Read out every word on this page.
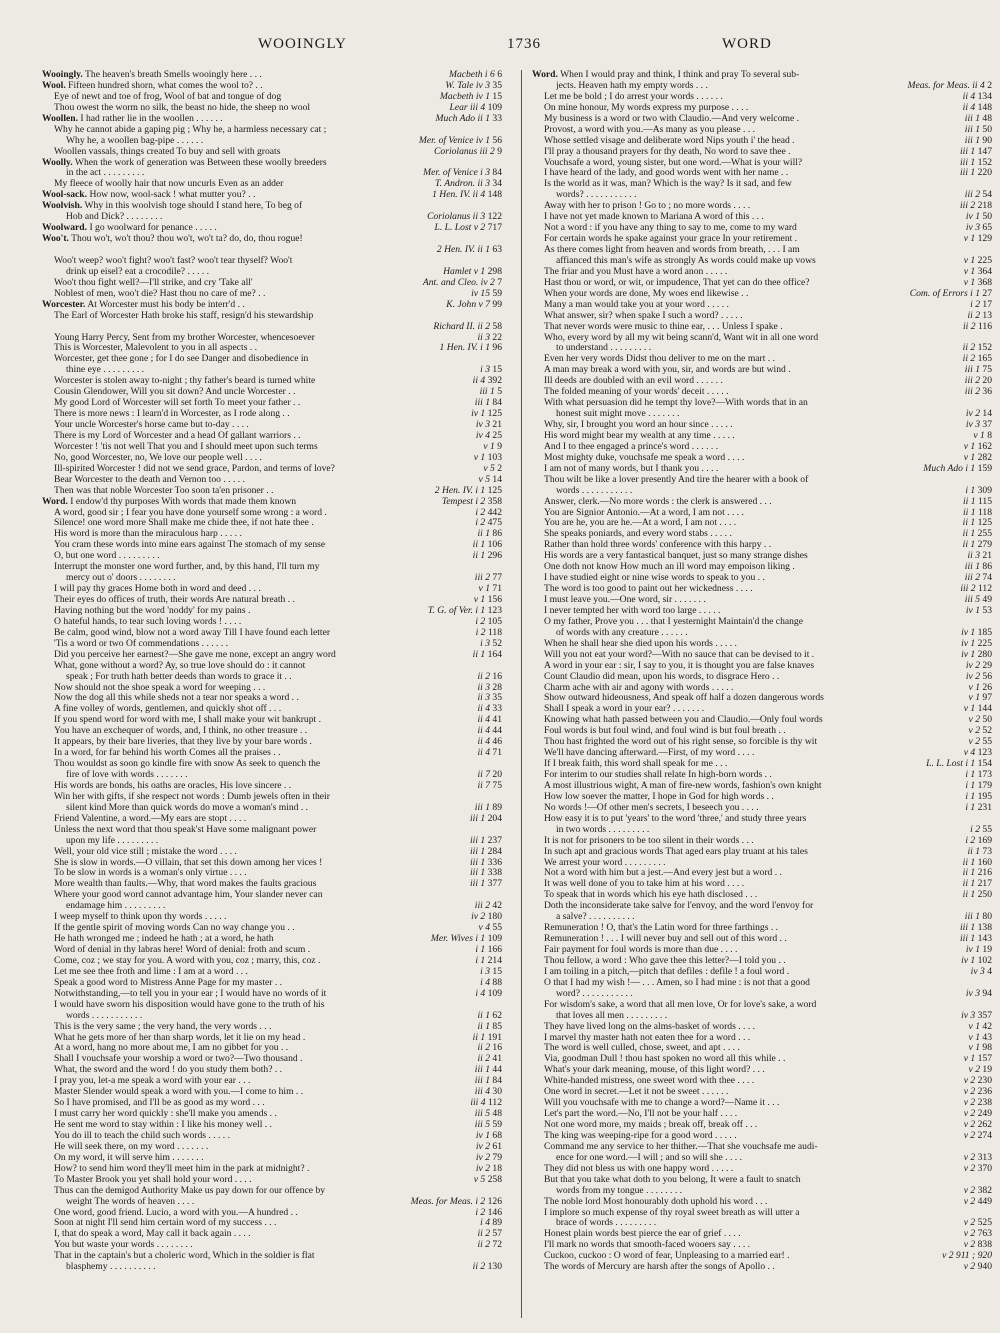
WOOINGLY	1736	WORD
Wooingly. The heaven's breath Smells wooingly here . . .	Macbeth i 6 6
Wool. Fifteen hundred shorn, what comes the wool to? . .	W. Tale iv 3 35
Eye of newt and toe of frog, Wool of bat and tongue of dog	Macbeth iv 1 15
Thou owest the worm no silk, the beast no hide, the sheep no wool	Lear iii 4 109
Woollen. I had rather lie in the woollen . . . . . .	Much Ado ii 1 33
Why he cannot abide a gaping pig ; Why he, a harmless necessary cat ;
Why he, a woollen bag-pipe . . . . . .	Mer. of Venice iv 1 56
Woollen vassals, things created To buy and sell with groats	Coriolanus iii 2 9
Woolly. When the work of generation was Between these woolly breeders
in the act . . . . . . . . .	Mer. of Venice i 3 84
My fleece of woolly hair that now uncurls Even as an adder	T. Andron. ii 3 34
Wool-sack. How now, wool-sack ! what mutter you? . .	1 Hen. IV. ii 4 148
Woolvish. Why in this woolvish toge should I stand here, To beg of
Hob and Dick? . . . . . . . .	Coriolanus ii 3 122
Woolward. I go woolward for penance . . . . .	L. L. Lost v 2 717
Woo't. Thou wo't, wo't thou? thou wo't, wo't ta? do, do, thou rogue!
2 Hen. IV. ii 1 63
Woo't weep? woo't fight? woo't fast? woo't tear thyself? Woo't
drink up eisel? eat a crocodile? . . . . .	Hamlet v 1 298
Woo't thou fight well?—I'll strike, and cry 'Take all'	Ant. and Cleo. iv 2 7
Noblest of men, woo't die? Hast thou no care of me? . .	iv 15 59
Worcester. At Worcester must his body be interr'd . .	K. John v 7 99
The Earl of Worcester Hath broke his staff, resign'd his stewardship
Richard II. ii 2 58
Young Harry Percy, Sent from my brother Worcester, whencesoever	ii 3 22
This is Worcester, Malevolent to you in all aspects . .	1 Hen. IV. i 1 96
Worcester, get thee gone ; for I do see Danger and disobedience in
thine eye . . . . . . . . .	i 3 15
Worcester is stolen away to-night ; thy father's beard is turned white	ii 4 392
Cousin Glendower, Will you sit down? And uncle Worcester . .	iii 1 5
My good Lord of Worcester will set forth To meet your father . .	iii 1 84
There is more news : I learn'd in Worcester, as I rode along . .	iv 1 125
Your uncle Worcester's horse came but to-day . . . .	iv 3 21
There is my Lord of Worcester and a head Of gallant warriors . .	iv 4 25
Worcester ! 'tis not well That you and I should meet upon such terms	v 1 9
No, good Worcester, no, We love our people well . . . .	v 1 103
Ill-spirited Worcester ! did not we send grace, Pardon, and terms of love?	v 5 2
Bear Worcester to the death and Vernon too . . . . .	v 5 14
Then was that noble Worcester Too soon ta'en prisoner . .	2 Hen. IV. i 1 125
Word. I endow'd thy purposes With words that made them known	Tempest i 2 358
A word, good sir ; I fear you have done yourself some wrong : a word .	i 2 442
Silence! one word more Shall make me chide thee, if not hate thee .	i 2 475
His word is more than the miraculous harp . . . . .	ii 1 86
You cram these words into mine ears against The stomach of my sense	ii 1 106
O, but one word . . . . . . . . .	ii 1 296
Interrupt the monster one word further, and, by this hand, I'll turn my
mercy out o' doors . . . . . . . .	iii 2 77
I will pay thy graces Home both in word and deed . . .	v 1 71
Their eyes do offices of truth, their words Are natural breath . .	v 1 156
Having nothing but the word 'noddy' for my pains .	T. G. of Ver. i 1 123
O hateful hands, to tear such loving words ! . . . .	i 2 105
Be calm, good wind, blow not a word away Till I have found each letter	i 2 118
'Tis a word or two Of commendations . . . . . .	i 3 52
Did you perceive her earnest?—She gave me none, except an angry word	ii 1 164
What, gone without a word? Ay, so true love should do : it cannot
speak ; For truth hath better deeds than words to grace it . .	ii 2 16
Now should not the shoe speak a word for weeping . . .	ii 3 28
Now the dog all this while sheds not a tear nor speaks a word . .	ii 3 35
A fine volley of words, gentlemen, and quickly shot off . . .	ii 4 33
If you spend word for word with me, I shall make your wit bankrupt .	ii 4 41
You have an exchequer of words, and, I think, no other treasure . .	ii 4 44
It appears, by their bare liveries, that they live by your bare words .	ii 4 46
In a word, for far behind his worth Comes all the praises . .	ii 4 71
Thou wouldst as soon go kindle fire with snow As seek to quench the
fire of love with words . . . . . . .	ii 7 20
His words are bonds, his oaths are oracles, His love sincere . .	ii 7 75
Win her with gifts, if she respect not words : Dumb jewels often in their
silent kind More than quick words do move a woman's mind . .	iii 1 89
Friend Valentine, a word.—My ears are stopt . . . .	iii 1 204
Unless the next word that thou speak'st Have some malignant power
upon my life . . . . . . . . .	iii 1 237
Well, your old vice still ; mistake the word . . . .	iii 1 284
She is slow in words.—O villain, that set this down among her vices !	iii 1 336
To be slow in words is a woman's only virtue . . . .	iii 1 338
More wealth than faults.—Why, that word makes the faults gracious	iii 1 377
Where your good word cannot advantage him, Your slander never can
endamage him . . . . . . . . .	iii 2 42
I weep myself to think upon thy words . . . . .	iv 2 180
If the gentle spirit of moving words Can no way change you . .	v 4 55
He hath wronged me ; indeed he hath ; at a word, he hath	Mer. Wives i 1 109
Word of denial in thy labras here! Word of denial: froth and scum .	i 1 166
Come, coz ; we stay for you. A word with you, coz ; marry, this, coz .	i 1 214
Let me see thee froth and lime : I am at a word . . .	i 3 15
Speak a good word to Mistress Anne Page for my master . .	i 4 88
Notwithstanding,—to tell you in your ear ; I would have no words of it	i 4 109
I would have sworn his disposition would have gone to the truth of his
words . . . . . . . . . . .	ii 1 62
This is the very same ; the very hand, the very words . . .	ii 1 85
What he gets more of her than sharp words, let it lie on my head .	ii 1 191
At a word, hang no more about me, I am no gibbet for you . .	ii 2 16
Shall I vouchsafe your worship a word or two?—Two thousand .	ii 2 41
What, the sword and the word ! do you study them both? . .	iii 1 44
I pray you, let-a me speak a word with your ear . . .	iii 1 84
Master Slender would speak a word with you.—I come to him . .	iii 4 30
So I have promised, and I'll be as good as my word . . .	iii 4 112
I must carry her word quickly : she'll make you amends . .	iii 5 48
He sent me word to stay within : I like his money well . .	iii 5 59
You do ill to teach the child such words . . . . .	iv 1 68
He will seek there, on my word . . . . . . .	iv 2 61
On my word, it will serve him . . . . . . .	iv 2 79
How? to send him word they'll meet him in the park at midnight? .	iv 2 18
To Master Brook you yet shall hold your word . . . .	v 5 258
Thus can the demigod Authority Make us pay down for our offence by
weight The words of heaven . . . .	Meas. for Meas. i 2 126
One word, good friend. Lucio, a word with you.—A hundred . .	i 2 146
Soon at night I'll send him certain word of my success . . .	i 4 89
I, that do speak a word, May call it back again . . . .	ii 2 57
You but waste your words . . . . . . . .	ii 2 72
That in the captain's but a choleric word, Which in the soldier is flat
blasphemy . . . . . . . . . .	ii 2 130
Word. When I would pray and think, I think and pray To several sub-
jects. Heaven hath my empty words . . .	Meas. for Meas. ii 4 2
Let me be bold ; I do arrest your words . . . . . .	ii 4 134
On mine honour, My words express my purpose . . . .	ii 4 148
My business is a word or two with Claudio.—And very welcome .	iii 1 48
Provost, a word with you.—As many as you please . . .	iii 1 50
Whose settled visage and deliberate word Nips youth i' the head .	iii 1 90
I'll pray a thousand prayers for thy death, No word to save thee .	iii 1 147
Vouchsafe a word, young sister, but one word.—What is your will?	iii 1 152
I have heard of the lady, and good words went with her name . .	iii 1 220
Is the world as it was, man? Which is the way? Is it sad, and few
words? . . . . . . . . . . .	iii 2 54
Away with her to prison ! Go to ; no more words . . . .	iii 2 218
I have not yet made known to Mariana A word of this . . .	iv 1 50
Not a word : if you have any thing to say to me, come to my ward	iv 3 65
For certain words he spake against your grace In your retirement .	v 1 129
As there comes light from heaven and words from breath, . . . I am
affianced this man's wife as strongly As words could make up vows	v 1 225
The friar and you Must have a word anon . . . . .	v 1 364
Hast thou or word, or wit, or impudence, That yet can do thee office?	v 1 368
When your words are done, My woes end likewise . .	Com. of Errors i 1 27
Many a man would take you at your word . . . . .	i 2 17
What answer, sir? when spake I such a word? . . . . .	ii 2 13
That never words were music to thine ear, . . . Unless I spake .	ii 2 116
Who, every word by all my wit being scann'd, Want wit in all one word
to understand . . . . . . . . .	ii 2 152
Even her very words Didst thou deliver to me on the mart . .	ii 2 165
A man may break a word with you, sir, and words are but wind .	iii 1 75
Ill deeds are doubled with an evil word . . . . . .	iii 2 20
The folded meaning of your words' deceit . . . . .	iii 2 36
With what persuasion did he tempt thy love?—With words that in an
honest suit might move . . . . . . .	iv 2 14
Why, sir, I brought you word an hour since . . . . .	iv 3 37
His word might bear my wealth at any time . . . . .	v 1 8
And I to thee engaged a prince's word . . . . . .	v 1 162
Most mighty duke, vouchsafe me speak a word . . . .	v 1 282
I am not of many words, but I thank you . . . .	Much Ado i 1 159
Thou wilt be like a lover presently And tire the hearer with a book of
words . . . . . . . . . . .	i 1 309
Answer, clerk.—No more words : the clerk is answered . . .	ii 1 115
You are Signior Antonio.—At a word, I am not . . . .	ii 1 118
You are he, you are he.—At a word, I am not . . . .	ii 1 125
She speaks poniards, and every word stabs . . . . .	ii 1 255
Rather than hold three words' conference with this harpy . .	ii 1 279
His words are a very fantastical banquet, just so many strange dishes	ii 3 21
One doth not know How much an ill word may empoison liking .	iii 1 86
I have studied eight or nine wise words to speak to you . .	iii 2 74
The word is too good to paint out her wickedness . . . .	iii 2 112
I must leave you.—One word, sir . . . . . . .	iii 5 49
I never tempted her with word too large . . . . .	iv 1 53
O my father, Prove you . . . that I yesternight Maintain'd the change
of words with any creature . . . . . .	iv 1 185
When he shall hear she died upon his words . . . . .	iv 1 225
Will you not eat your word?—With no sauce that can be devised to it .	iv 1 280
A word in your ear : sir, I say to you, it is thought you are false knaves	iv 2 29
Count Claudio did mean, upon his words, to disgrace Hero . .	iv 2 56
Charm ache with air and agony with words . . . . .	v 1 26
Show outward hideousness, And speak off half a dozen dangerous words	v 1 97
Shall I speak a word in your ear? . . . . . . .	v 1 144
Knowing what hath passed between you and Claudio.—Only foul words	v 2 50
Foul words is but foul wind, and foul wind is but foul breath . .	v 2 52
Thou hast frighted the word out of his right sense, so forcible is thy wit	v 2 55
We'll have dancing afterward.—First, of my word . . . .	v 4 123
If I break faith, this word shall speak for me . . .	L. L. Lost i 1 154
For interim to our studies shall relate In high-born words . .	i 1 173
A most illustrious wight, A man of fire-new words, fashion's own knight	i 1 179
How low soever the matter, I hope in God for high words . .	i 1 195
No words !—Of other men's secrets, I beseech you . . . .	i 1 231
How easy it is to put 'years' to the word 'three,' and study three years
in two words . . . . . . . . .	i 2 55
It is not for prisoners to be too silent in their words . . .	i 2 169
In such apt and gracious words That aged ears play truant at his tales	ii 1 73
We arrest your word . . . . . . . . .	ii 1 160
Not a word with him but a jest.—And every jest but a word . .	ii 1 216
It was well done of you to take him at his word . . . .	ii 1 217
To speak that in words which his eye hath disclosed . . .	ii 1 250
Doth the inconsiderate take salve for l'envoy, and the word l'envoy for
a salve? . . . . . . . . . .	iii 1 80
Remuneration ! O, that's the Latin word for three farthings . .	iii 1 138
Remuneration ! . . . I will never buy and sell out of this word . .	iii 1 143
Fair payment for foul words is more than due . . . .	iv 1 19
Thou fellow, a word : Who gave thee this letter?—I told you . .	iv 1 102
I am toiling in a pitch,—pitch that defiles : defile ! a foul word .	iv 3 4
O that I had my wish !— . . . Amen, so I had mine : is not that a good
word? . . . . . . . . . . .	iv 3 94
For wisdom's sake, a word that all men love, Or for love's sake, a word
that loves all men . . . . . . . . .	iv 3 357
They have lived long on the alms-basket of words . . . .	v 1 42
I marvel thy master hath not eaten thee for a word . . .	v 1 43
The word is well culled, chose, sweet, and apt . . . .	v 1 98
Via, goodman Dull ! thou hast spoken no word all this while . .	v 1 157
What's your dark meaning, mouse, of this light word? . . .	v 2 19
White-handed mistress, one sweet word with thee . . . .	v 2 230
One word in secret.—Let it not be sweet . . . . . .	v 2 236
Will you vouchsafe with me to change a word?—Name it . . .	v 2 238
Let's part the word.—No, I'll not be your half . . . .	v 2 249
Not one word more, my maids ; break off, break off . . .	v 2 262
The king was weeping-ripe for a good word . . . . .	v 2 274
Command me any service to her thither.—That she vouchsafe me audi-
ence for one word.—I will ; and so will she . . . .	v 2 313
They did not bless us with one happy word . . . . .	v 2 370
But that you take what doth to you belong, It were a fault to snatch
words from my tongue . . . . . . . .	v 2 382
The noble lord Most honourably doth uphold his word . . .	v 2 449
I implore so much expense of thy royal sweet breath as will utter a
brace of words . . . . . . . . .	v 2 525
Honest plain words best pierce the ear of grief . . . .	v 2 763
I'll mark no words that smooth-faced wooers say . . . .	v 2 838
Cuckoo, cuckoo : O word of fear, Unpleasing to a married ear! .	v 2 911 ; 920
The words of Mercury are harsh after the songs of Apollo . .	v 2 940
